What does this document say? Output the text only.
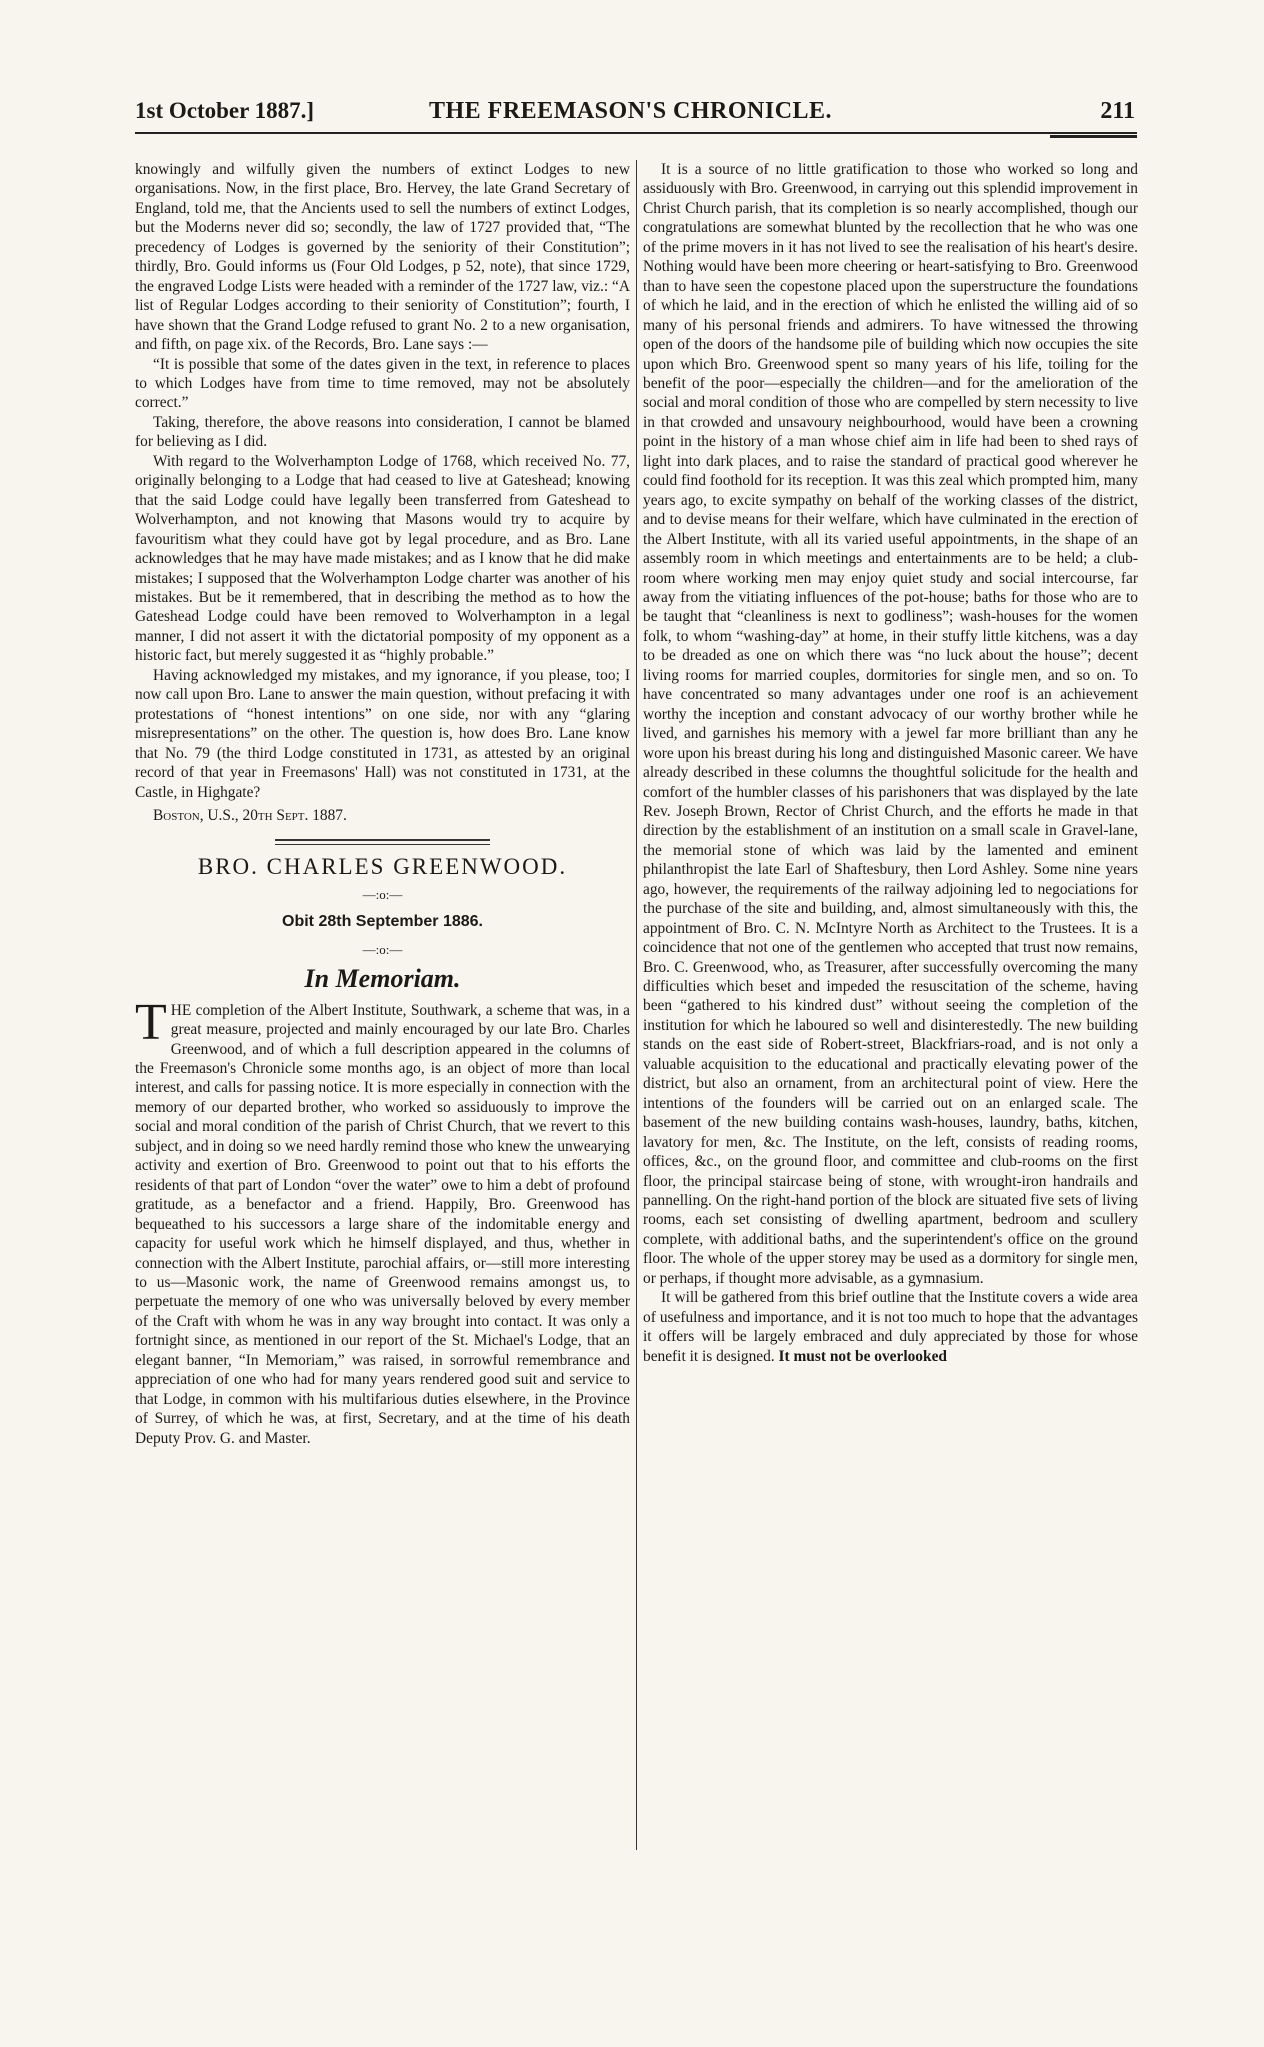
1st October 1887.]	THE FREEMASON'S CHRONICLE.	211

knowingly and wilfully given the numbers of extinct Lodges to new organisations. Now, in the first place, Bro. Hervey, the late Grand Secretary of England, told me, that the Ancients used to sell the numbers of extinct Lodges, but the Moderns never did so; secondly, the law of 1727 provided that, “The precedency of Lodges is governed by the seniority of their Constitution”; thirdly, Bro. Gould informs us (Four Old Lodges, p 52, note), that since 1729, the engraved Lodge Lists were headed with a reminder of the 1727 law, viz.: “A list of Regular Lodges according to their seniority of Constitution”; fourth, I have shown that the Grand Lodge refused to grant No. 2 to a new organisation, and fifth, on page xix. of the Records, Bro. Lane says :—

“It is possible that some of the dates given in the text, in reference to places to which Lodges have from time to time removed, may not be absolutely correct.”

Taking, therefore, the above reasons into consideration, I cannot be blamed for believing as I did.

With regard to the Wolverhampton Lodge of 1768, which received No. 77, originally belonging to a Lodge that had ceased to live at Gateshead; knowing that the said Lodge could have legally been transferred from Gateshead to Wolverhampton, and not knowing that Masons would try to acquire by favouritism what they could have got by legal procedure, and as Bro. Lane acknowledges that he may have made mistakes; and as I know that he did make mistakes; I supposed that the Wolverhampton Lodge charter was another of his mistakes. But be it remembered, that in describing the method as to how the Gateshead Lodge could have been removed to Wolverhampton in a legal manner, I did not assert it with the dictatorial pomposity of my opponent as a historic fact, but merely suggested it as “highly probable.”

Having acknowledged my mistakes, and my ignorance, if you please, too; I now call upon Bro. Lane to answer the main question, without prefacing it with protestations of “honest intentions” on one side, nor with any “glaring misrepresentations” on the other. The question is, how does Bro. Lane know that No. 79 (the third Lodge constituted in 1731, as attested by an original record of that year in Freemasons' Hall) was not constituted in 1731, at the Castle, in Highgate?

Boston, U.S., 20th Sept. 1887.

BRO. CHARLES GREENWOOD.
—:o:—
Obit 28th September 1886.
—:o:—
In Memoriam.

THE completion of the Albert Institute, Southwark, a scheme that was, in a great measure, projected and mainly encouraged by our late Bro. Charles Greenwood, and of which a full description appeared in the columns of the Freemason's Chronicle some months ago, is an object of more than local interest, and calls for passing notice. It is more especially in connection with the memory of our departed brother, who worked so assiduously to improve the social and moral condition of the parish of Christ Church, that we revert to this subject, and in doing so we need hardly remind those who knew the unwearying activity and exertion of Bro. Greenwood to point out that to his efforts the residents of that part of London “over the water” owe to him a debt of profound gratitude, as a benefactor and a friend. Happily, Bro. Greenwood has bequeathed to his successors a large share of the indomitable energy and capacity for useful work which he himself displayed, and thus, whether in connection with the Albert Institute, parochial affairs, or—still more interesting to us—Masonic work, the name of Greenwood remains amongst us, to perpetuate the memory of one who was universally beloved by every member of the Craft with whom he was in any way brought into contact. It was only a fortnight since, as mentioned in our report of the St. Michael's Lodge, that an elegant banner, “In Memoriam,” was raised, in sorrowful remembrance and appreciation of one who had for many years rendered good suit and service to that Lodge, in common with his multifarious duties elsewhere, in the Province of Surrey, of which he was, at first, Secretary, and at the time of his death Deputy Prov. G. and Master.

It is a source of no little gratification to those who worked so long and assiduously with Bro. Greenwood, in carrying out this splendid improvement in Christ Church parish, that its completion is so nearly accomplished, though our congratulations are somewhat blunted by the recollection that he who was one of the prime movers in it has not lived to see the realisation of his heart's desire. Nothing would have been more cheering or heart-satisfying to Bro. Greenwood than to have seen the copestone placed upon the superstructure the foundations of which he laid, and in the erection of which he enlisted the willing aid of so many of his personal friends and admirers. To have witnessed the throwing open of the doors of the handsome pile of building which now occupies the site upon which Bro. Greenwood spent so many years of his life, toiling for the benefit of the poor—especially the children—and for the amelioration of the social and moral condition of those who are compelled by stern necessity to live in that crowded and unsavoury neighbourhood, would have been a crowning point in the history of a man whose chief aim in life had been to shed rays of light into dark places, and to raise the standard of practical good wherever he could find foothold for its reception. It was this zeal which prompted him, many years ago, to excite sympathy on behalf of the working classes of the district, and to devise means for their welfare, which have culminated in the erection of the Albert Institute, with all its varied useful appointments, in the shape of an assembly room in which meetings and entertainments are to be held; a club-room where working men may enjoy quiet study and social intercourse, far away from the vitiating influences of the pot-house; baths for those who are to be taught that “cleanliness is next to godliness”; wash-houses for the women folk, to whom “washing-day” at home, in their stuffy little kitchens, was a day to be dreaded as one on which there was “no luck about the house”; decent living rooms for married couples, dormitories for single men, and so on. To have concentrated so many advantages under one roof is an achievement worthy the inception and constant advocacy of our worthy brother while he lived, and garnishes his memory with a jewel far more brilliant than any he wore upon his breast during his long and distinguished Masonic career. We have already described in these columns the thoughtful solicitude for the health and comfort of the humbler classes of his parishoners that was displayed by the late Rev. Joseph Brown, Rector of Christ Church, and the efforts he made in that direction by the establishment of an institution on a small scale in Gravel-lane, the memorial stone of which was laid by the lamented and eminent philanthropist the late Earl of Shaftesbury, then Lord Ashley. Some nine years ago, however, the requirements of the railway adjoining led to negociations for the purchase of the site and building, and, almost simultaneously with this, the appointment of Bro. C. N. McIntyre North as Architect to the Trustees. It is a coincidence that not one of the gentlemen who accepted that trust now remains, Bro. C. Greenwood, who, as Treasurer, after successfully overcoming the many difficulties which beset and impeded the resuscitation of the scheme, having been “gathered to his kindred dust” without seeing the completion of the institution for which he laboured so well and disinterestedly. The new building stands on the east side of Robert-street, Blackfriars-road, and is not only a valuable acquisition to the educational and practically elevating power of the district, but also an ornament, from an architectural point of view. Here the intentions of the founders will be carried out on an enlarged scale. The basement of the new building contains wash-houses, laundry, baths, kitchen, lavatory for men, &c. The Institute, on the left, consists of reading rooms, offices, &c., on the ground floor, and committee and club-rooms on the first floor, the principal staircase being of stone, with wrought-iron handrails and pannelling. On the right-hand portion of the block are situated five sets of living rooms, each set consisting of dwelling apartment, bedroom and scullery complete, with additional baths, and the superintendent's office on the ground floor. The whole of the upper storey may be used as a dormitory for single men, or perhaps, if thought more advisable, as a gymnasium.

It will be gathered from this brief outline that the Institute covers a wide area of usefulness and importance, and it is not too much to hope that the advantages it offers will be largely embraced and duly appreciated by those for whose benefit it is designed. It must not be overlooked
